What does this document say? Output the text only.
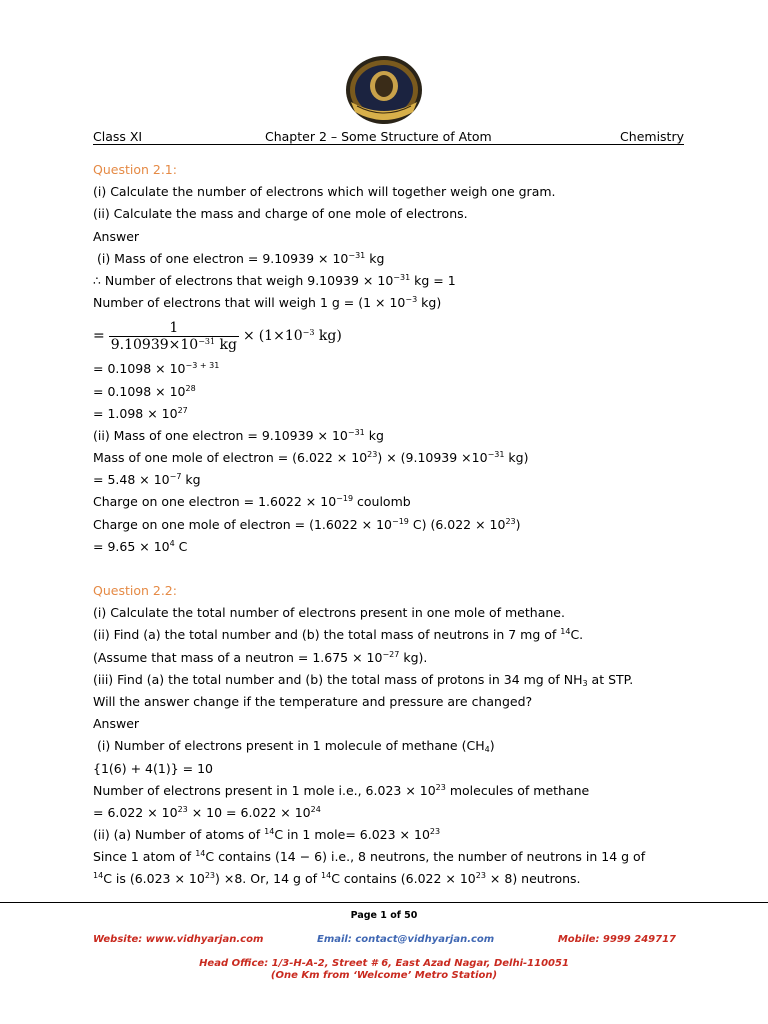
Class XI	Chapter 2 – Some Structure of Atom	Chemistry
Question 2.1:
(i) Calculate the number of electrons which will together weigh one gram.
(ii) Calculate the mass and charge of one mole of electrons.
Answer
(i) Mass of one electron = $9.10939 \times 10^{-31}$ kg
∴ Number of electrons that weigh $9.10939 \times 10^{-31}$ kg = 1
Number of electrons that will weigh 1 $g = (1 \times 10^{-3}$ kg)
= $\frac{1}{9.10939\times 10^{-31} kg} \times (1\times 10^{-3}$ kg)
= $0.1098 \times 10^{-3 + 31}$
= $0.1098 \times 10^{28}$
= $1.098 \times 10^{27}$
(ii) Mass of one electron = $9.10939 \times 10^{-31}$ kg
Mass of one mole of electron = $(6.022 \times 10^{23}) \times (9.10939 \times 10^{-31}$ kg)
= $5.48 \times 10^{-7}$ kg
Charge on one electron = $1.6022 \times 10^{-19}$ coulomb
Charge on one mole of electron = ($1.6022 \times 10^{-19}$ C) $(6.022 \times 10^{23})$
= $9.65 \times 10^4$ C
Question 2.2:
(i) Calculate the total number of electrons present in one mole of methane.
(ii) Find (a) the total number and (b) the total mass of neutrons in 7 mg of $^{14}$C.
(Assume that mass of a neutron = $1.675 \times 10^{-27}$ kg).
(iii) Find (a) the total number and (b) the total mass of protons in 34 mg of $NH_3$ at STP.
Will the answer change if the temperature and pressure are changed?
Answer
(i) Number of electrons present in 1 molecule of methane $(CH_4)$
{1(6) + 4(1)} = 10
Number of electrons present in 1 mole i.e., $6.023 \times 10^{23}$ molecules of methane
= $6.022 \times 10^{23} \times 10 = 6.022 \times 10^{24}$
(ii) (a) Number of atoms of $^{14}$C in 1 mole= $6.023 \times 10^{23}$
Since 1 atom of $^{14}$C contains (14 − 6) i.e., 8 neutrons, the number of neutrons in 14 g of
$^{14}$C is $(6.023 \times 10^{23}) \times 8$. Or, 14 g of $^{14}$C contains $(6.022 \times 10^{23} \times 8)$ neutrons.
Page 1 of 50
Website: www.vidhyarjan.com	Email: contact@vidhyarjan.com	Mobile: 9999 249717
Head Office: 1/3-H-A-2, Street # 6, East Azad Nagar, Delhi-110051
(One Km from ‘Welcome’ Metro Station)
